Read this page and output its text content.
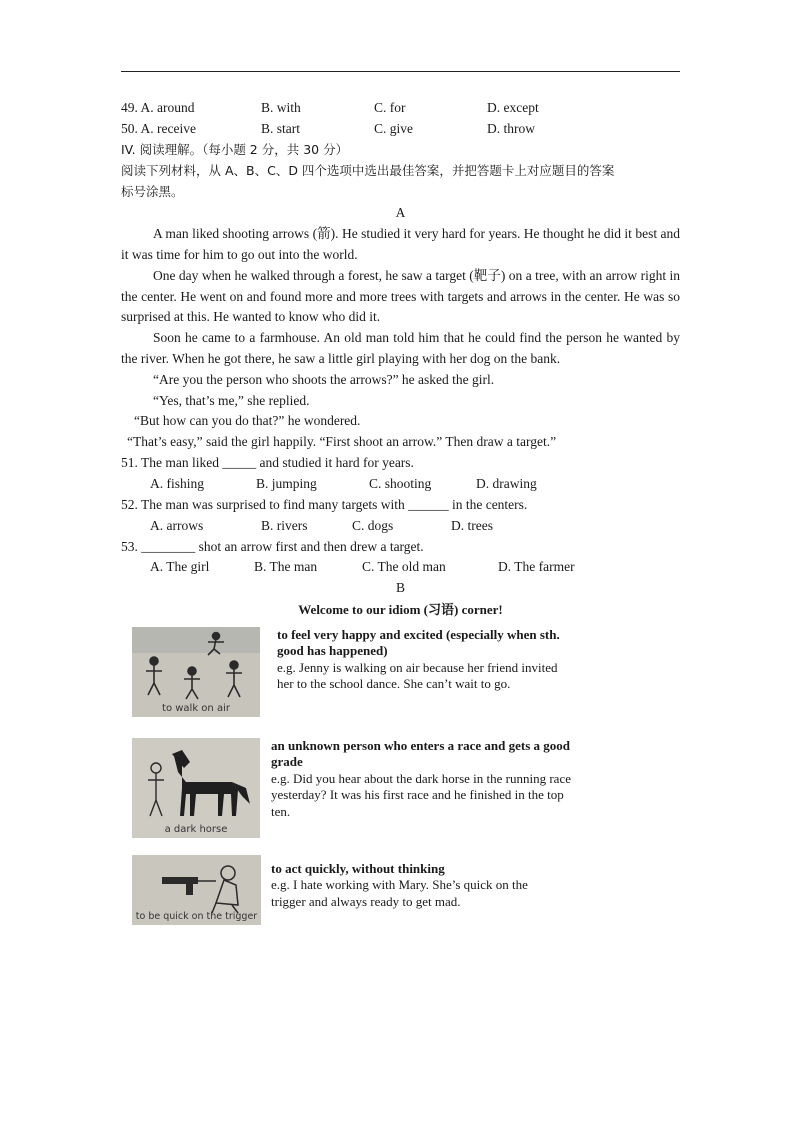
49. A. around	B. with	C. for	D. except
50. A. receive	B. start	C. give	D. throw
IV. 阅读理解。（每小题 2 分，共 30 分）
阅读下列材料，从 A、B、C、D 四个选项中选出最佳答案，并把答题卡上对应题目的答案
标号涂黑。
A
A man liked shooting arrows (箭). He studied it very hard for years. He thought he did it best and it was time for him to go out into the world.
One day when he walked through a forest, he saw a target (靶子) on a tree, with an arrow right in the center. He went on and found more and more trees with targets and arrows in the center. He was so surprised at this. He wanted to know who did it.
Soon he came to a farmhouse. An old man told him that he could find the person he wanted by the river. When he got there, he saw a little girl playing with her dog on the bank.
“Are you the person who shoots the arrows?” he asked the girl.
“Yes, that’s me,” she replied.
“But how can you do that?” he wondered.
“That’s easy,” said the girl happily. “First shoot an arrow.” Then draw a target.”
51. The man liked _____ and studied it hard for years.
A. fishing	B. jumping	C. shooting	D. drawing
52. The man was surprised to find many targets with ______ in the centers.
A. arrows	B. rivers	C. dogs	D. trees
53. ________ shot an arrow first and then drew a target.
A. The girl	B. The man	C. The old man	D. The farmer
B
Welcome to our idiom (习语) corner!
to walk on air
to feel very happy and excited (especially when sth. good has happened)
e.g. Jenny is walking on air because her friend invited her to the school dance. She can’t wait to go.
a dark horse
an unknown person who enters a race and gets a good grade
e.g. Did you hear about the dark horse in the running race yesterday? It was his first race and he finished in the top ten.
to be quick on the trigger
to act quickly, without thinking
e.g. I hate working with Mary. She’s quick on the trigger and always ready to get mad.
